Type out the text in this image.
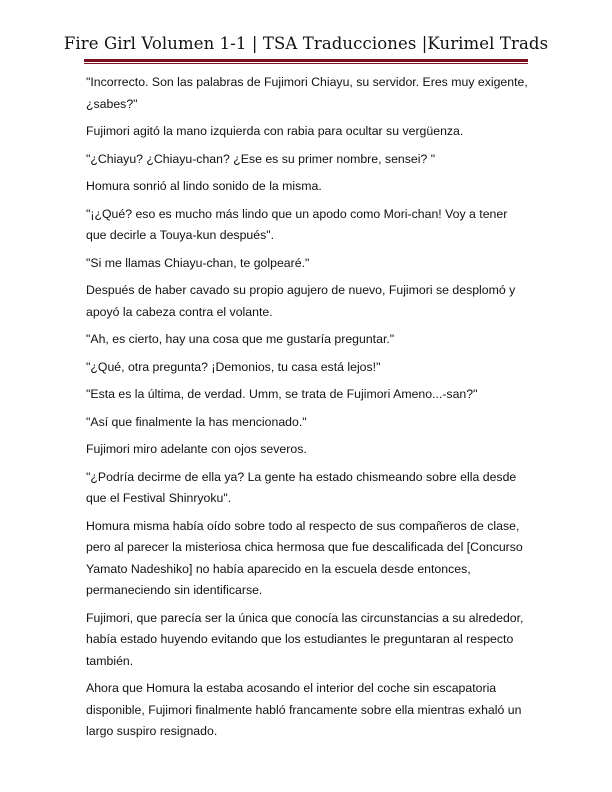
Fire Girl Volumen 1-1 | TSA Traducciones |Kurimel Trads

"Incorrecto. Son las palabras de Fujimori Chiayu, su servidor. Eres muy exigente, ¿sabes?"

Fujimori agitó la mano izquierda con rabia para ocultar su vergüenza.

"¿Chiayu? ¿Chiayu-chan? ¿Ese es su primer nombre, sensei? "

Homura sonrió al lindo sonido de la misma.

"¡¿Qué? eso es mucho más lindo que un apodo como Mori-chan! Voy a tener que decirle a Touya-kun después".

"Si me llamas Chiayu-chan, te golpearé."

Después de haber cavado su propio agujero de nuevo, Fujimori se desplomó y apoyó la cabeza contra el volante.

"Ah, es cierto, hay una cosa que me gustaría preguntar."

"¿Qué, otra pregunta? ¡Demonios, tu casa está lejos!"

"Esta es la última, de verdad. Umm, se trata de Fujimori Ameno...-san?"

"Así que finalmente la has mencionado."

Fujimori miro adelante con ojos severos.

"¿Podría decirme de ella ya? La gente ha estado chismeando sobre ella desde que el Festival Shinryoku".

Homura misma había oído sobre todo al respecto de sus compañeros de clase, pero al parecer la misteriosa chica hermosa que fue descalificada del [Concurso Yamato Nadeshiko] no había aparecido en la escuela desde entonces, permaneciendo sin identificarse.

Fujimori, que parecía ser la única que conocía las circunstancias a su alrededor, había estado huyendo evitando que los estudiantes le preguntaran al respecto también.

Ahora que Homura la estaba acosando el interior del coche sin escapatoria disponible, Fujimori finalmente habló francamente sobre ella mientras exhaló un largo suspiro resignado.
